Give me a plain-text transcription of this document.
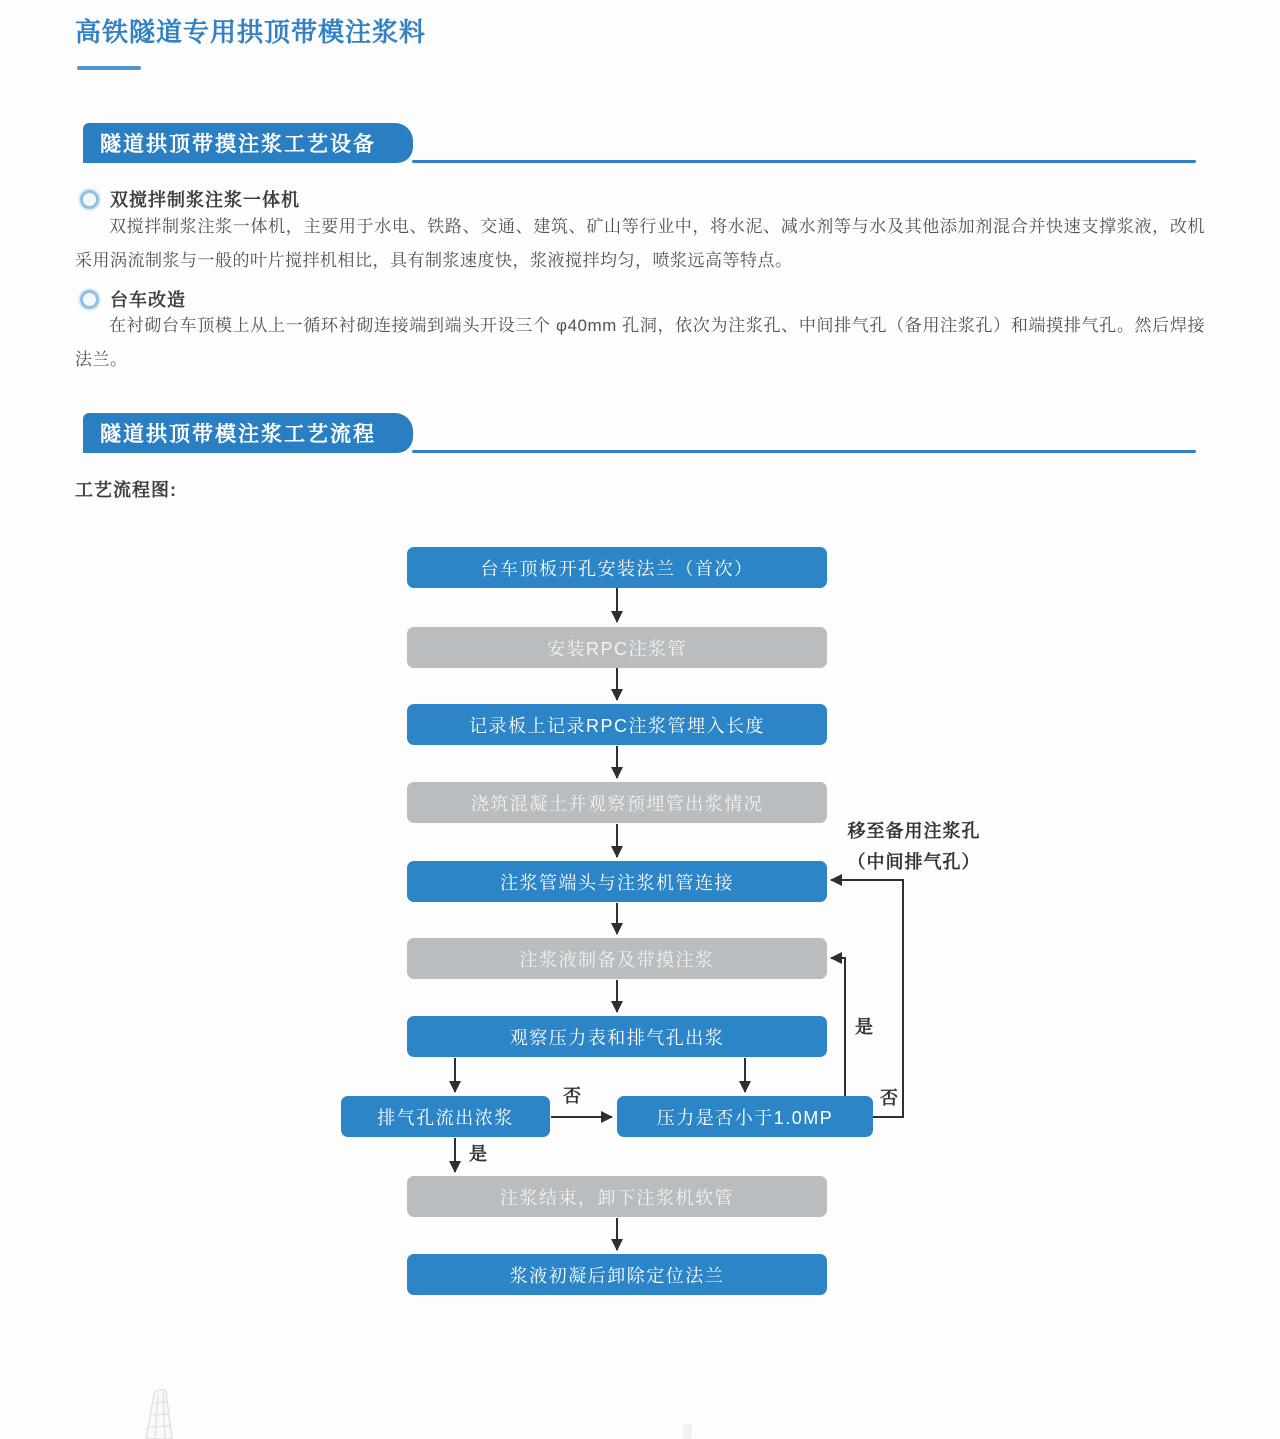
高铁隧道专用拱顶带模注浆料
隧道拱顶带摸注浆工艺设备
双搅拌制浆注浆一体机

双搅拌制浆注浆一体机，主要用于水电、铁路、交通、建筑、矿山等行业中，将水泥、减水剂等与水及其他添加剂混合并快速支撑浆液，改机采用涡流制浆与一般的叶片搅拌机相比，具有制浆速度快，浆液搅拌均匀，喷浆远高等特点。

台车改造

在衬砌台车顶模上从上一循环衬砌连接端到端头开设三个 φ40mm 孔洞，依次为注浆孔、中间排气孔（备用注浆孔）和端摸排气孔。然后焊接法兰。

隧道拱顶带模注浆工艺流程
工艺流程图:
否
是
是
否
移至备用注浆孔
（中间排气孔）
台车顶板开孔安装法兰（首次）
安装RPC注浆管
记录板上记录RPC注浆管埋入长度
浇筑混凝土并观察预埋管出浆情况
注浆管端头与注浆机管连接
注浆液制备及带摸注浆
观察压力表和排气孔出浆
排气孔流出浓浆	压力是否小于1.0MP
注浆结束，卸下注浆机软管
浆液初凝后卸除定位法兰
